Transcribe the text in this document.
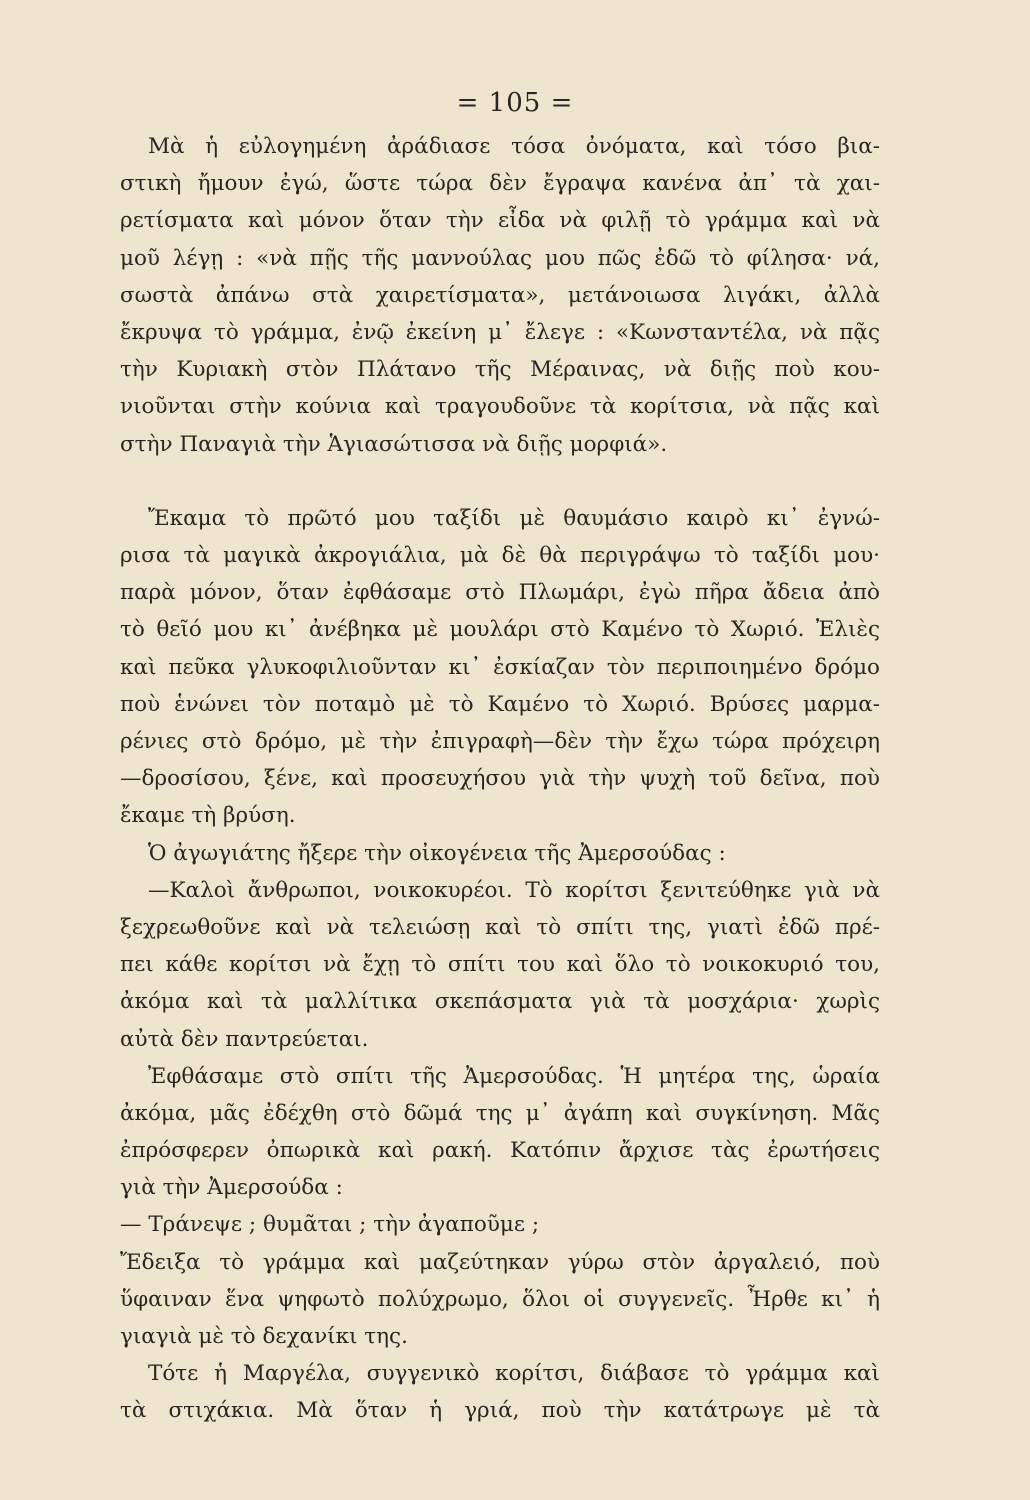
= 105 =
Μὰ ἡ εὐλογημένη ἀράδιασε τόσα ὀνόματα, καὶ τόσο βια-
στικὴ ἤμουν ἐγώ, ὥστε τώρα δὲν ἔγραψα κανένα ἀπ᾽ τὰ χαι-
ρετίσματα καὶ μόνον ὅταν τὴν εἶδα νὰ φιλῇ τὸ γράμμα καὶ νὰ
μοῦ λέγῃ : «νὰ πῇς τῆς μαννούλας μου πῶς ἐδῶ τὸ φίλησα· νά,
σωστὰ ἀπάνω στὰ χαιρετίσματα», μετάνοιωσα λιγάκι, ἀλλὰ
ἔκρυψα τὸ γράμμα, ἐνῷ ἐκείνη μ᾽ ἔλεγε : «Κωνσταντέλα, νὰ πᾷς
τὴν Κυριακὴ στὸν Πλάτανο τῆς Μέραινας, νὰ διῇς ποὺ κου-
νιοῦνται στὴν κούνια καὶ τραγουδοῦνε τὰ κορίτσια, νὰ πᾷς καὶ
στὴν Παναγιὰ τὴν Ἁγιασώτισσα νὰ διῇς μορφιά».
Ἔκαμα τὸ πρῶτό μου ταξίδι μὲ θαυμάσιο καιρὸ κι᾽ ἐγνώ-
ρισα τὰ μαγικὰ ἀκρογιάλια, μὰ δὲ θὰ περιγράψω τὸ ταξίδι μου·
παρὰ μόνον, ὅταν ἐφθάσαμε στὸ Πλωμάρι, ἐγὼ πῆρα ἄδεια ἀπὸ
τὸ θεῖό μου κι᾽ ἀνέβηκα μὲ μουλάρι στὸ Καμένο τὸ Χωριό. Ἐλιὲς
καὶ πεῦκα γλυκοφιλιοῦνταν κι᾽ ἐσκίαζαν τὸν περιποιημένο δρόμο
ποὺ ἑνώνει τὸν ποταμὸ μὲ τὸ Καμένο τὸ Χωριό. Βρύσες μαρμα-
ρένιες στὸ δρόμο, μὲ τὴν ἐπιγραφὴ—δὲν τὴν ἔχω τώρα πρόχειρη
—δροσίσου, ξένε, καὶ προσευχήσου γιὰ τὴν ψυχὴ τοῦ δεῖνα, ποὺ
ἔκαμε τὴ βρύση.
Ὁ ἀγωγιάτης ἤξερε τὴν οἰκογένεια τῆς Ἀμερσούδας :
—Καλοὶ ἄνθρωποι, νοικοκυρέοι. Τὸ κορίτσι ξενιτεύθηκε γιὰ νὰ
ξεχρεωθοῦνε καὶ νὰ τελειώσῃ καὶ τὸ σπίτι της, γιατὶ ἐδῶ πρέ-
πει κάθε κορίτσι νὰ ἔχῃ τὸ σπίτι του καὶ ὅλο τὸ νοικοκυριό του,
ἀκόμα καὶ τὰ μαλλίτικα σκεπάσματα γιὰ τὰ μοσχάρια· χωρὶς
αὐτὰ δὲν παντρεύεται.
Ἐφθάσαμε στὸ σπίτι τῆς Ἀμερσούδας. Ἡ μητέρα της, ὡραία
ἀκόμα, μᾶς ἐδέχθη στὸ δῶμά της μ᾽ ἀγάπη καὶ συγκίνηση. Μᾶς
ἐπρόσφερεν ὀπωρικὰ καὶ ρακή. Κατόπιν ἄρχισε τὰς ἐρωτήσεις
γιὰ τὴν Ἀμερσούδα :
— Τράνεψε ; θυμᾶται ; τὴν ἀγαποῦμε ;
Ἔδειξα τὸ γράμμα καὶ μαζεύτηκαν γύρω στὸν ἀργαλειό, ποὺ
ὕφαιναν ἕνα ψηφωτὸ πολύχρωμο, ὅλοι οἱ συγγενεῖς. Ἦρθε κι᾽ ἡ
γιαγιὰ μὲ τὸ δεχανίκι της.
Τότε ἡ Μαργέλα, συγγενικὸ κορίτσι, διάβασε τὸ γράμμα καὶ
τὰ στιχάκια. Μὰ ὅταν ἡ γριά, ποὺ τὴν κατάτρωγε μὲ τὰ
